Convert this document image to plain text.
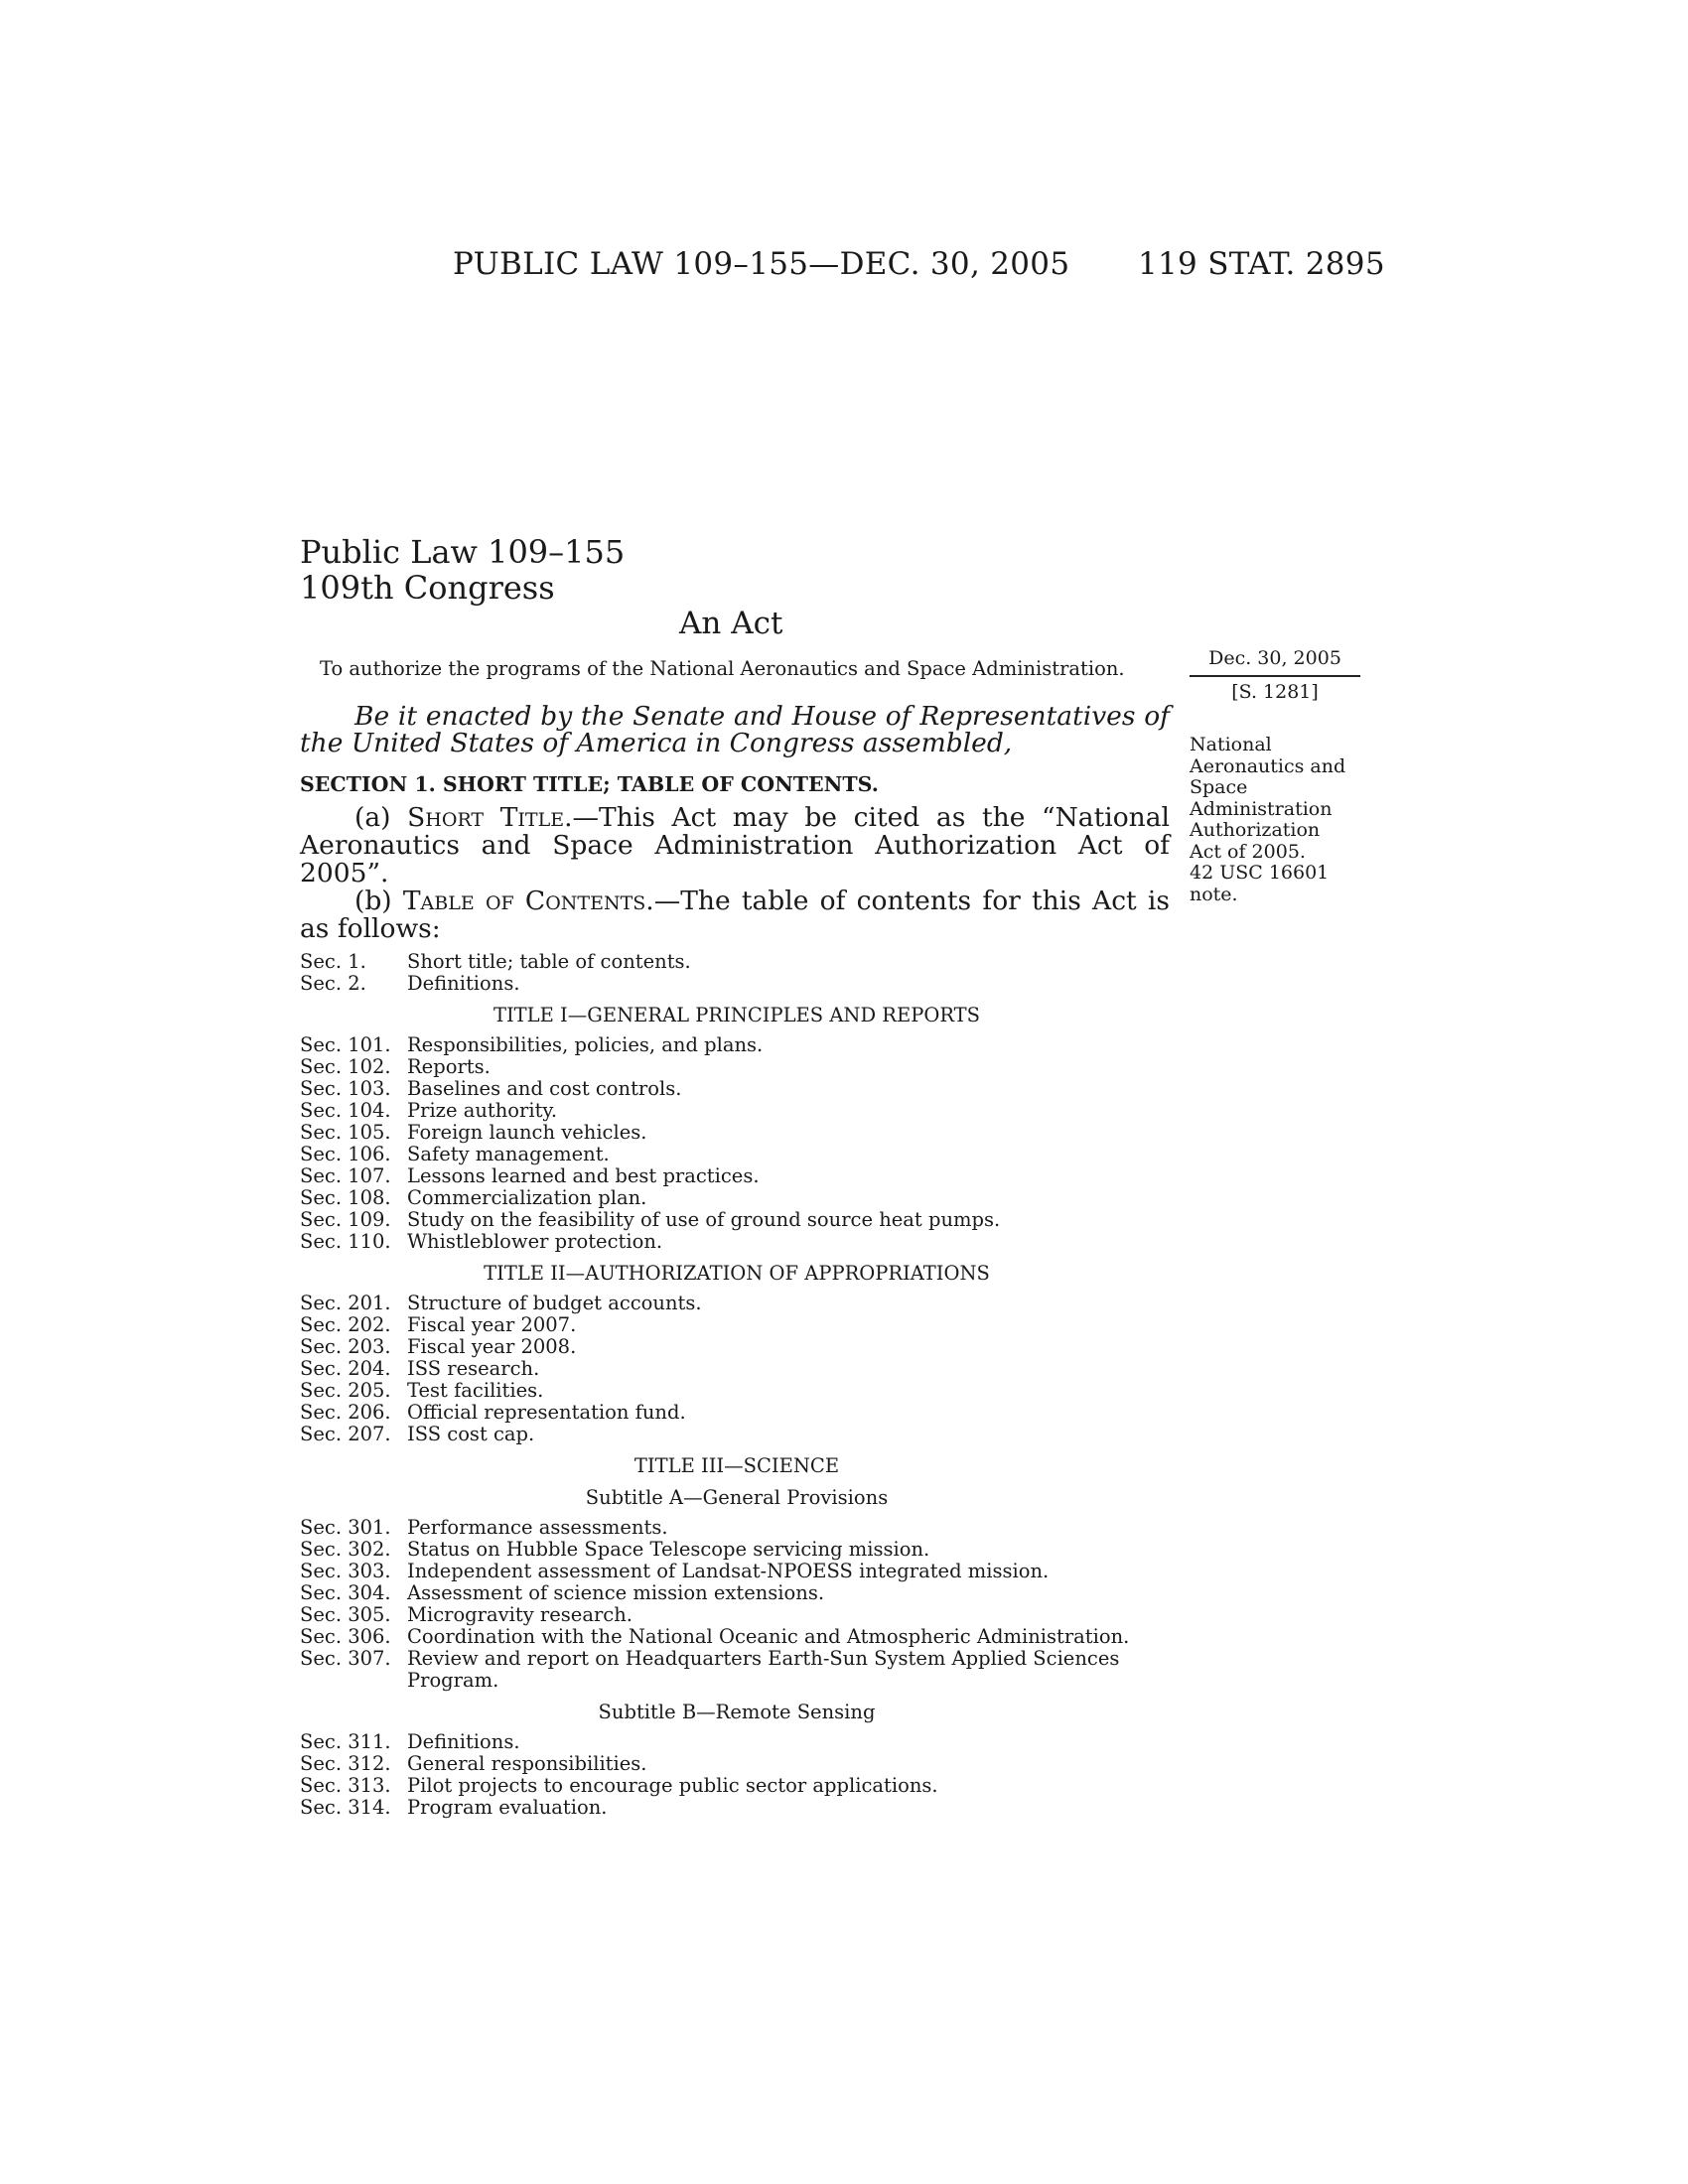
PUBLIC LAW 109–155—DEC. 30, 2005 119 STAT. 2895
Public Law 109–155
109th Congress
An Act
To authorize the programs of the National Aeronautics and Space Administration.	Dec. 30, 2005
[S. 1281]
National
Aeronautics and
Space
Administration
Authorization
Act of 2005.
42 USC 16601
note.
Be it enacted by the Senate and House of Representatives of the United States of America in Congress assembled,
SECTION 1. SHORT TITLE; TABLE OF CONTENTS.

(a) Short Title.—This Act may be cited as the “National Aeronautics and Space Administration Authorization Act of 2005”.

(b) Table of Contents.—The table of contents for this Act is as follows:

Sec. 1.	Short title; table of contents.
Sec. 2.	Definitions.
TITLE I—GENERAL PRINCIPLES AND REPORTS
Sec. 101. Responsibilities, policies, and plans.
Sec. 102. Reports.
Sec. 103. Baselines and cost controls.
Sec. 104. Prize authority.
Sec. 105. Foreign launch vehicles.
Sec. 106. Safety management.
Sec. 107. Lessons learned and best practices.
Sec. 108. Commercialization plan.
Sec. 109. Study on the feasibility of use of ground source heat pumps.
Sec. 110. Whistleblower protection.
TITLE II—AUTHORIZATION OF APPROPRIATIONS
Sec. 201. Structure of budget accounts.
Sec. 202. Fiscal year 2007.
Sec. 203. Fiscal year 2008.
Sec. 204. ISS research.
Sec. 205. Test facilities.
Sec. 206. Official representation fund.
Sec. 207. ISS cost cap.
TITLE III—SCIENCE
Subtitle A—General Provisions
Sec. 301. Performance assessments.
Sec. 302. Status on Hubble Space Telescope servicing mission.
Sec. 303. Independent assessment of Landsat-NPOESS integrated mission.
Sec. 304. Assessment of science mission extensions.
Sec. 305. Microgravity research.
Sec. 306. Coordination with the National Oceanic and Atmospheric Administration.
Sec. 307. Review and report on Headquarters Earth-Sun System Applied Sciences Program.
Subtitle B—Remote Sensing
Sec. 311. Definitions.
Sec. 312. General responsibilities.
Sec. 313. Pilot projects to encourage public sector applications.
Sec. 314. Program evaluation.
